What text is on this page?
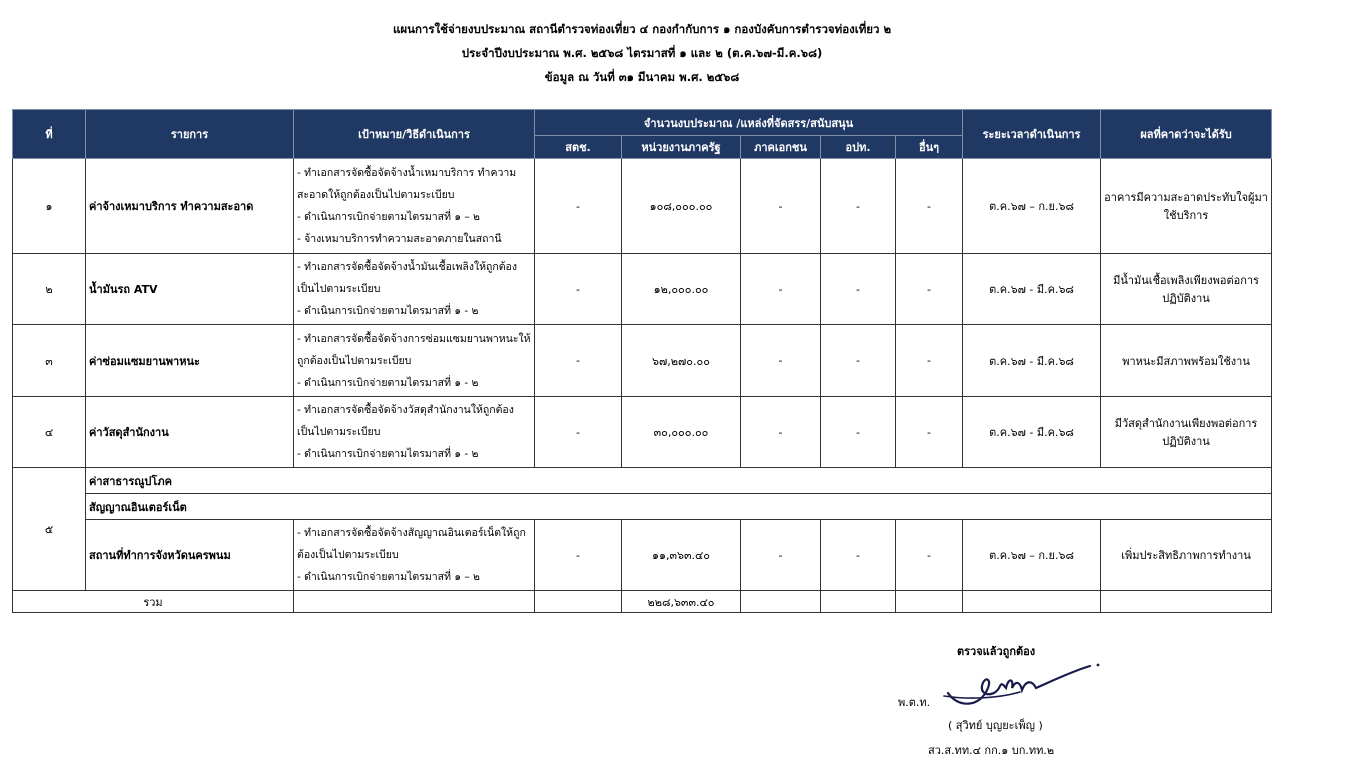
แผนการใช้จ่ายงบประมาณ สถานีตำรวจท่องเที่ยว ๔ กองกำกับการ ๑ กองบังคับการตำรวจท่องเที่ยว ๒
ประจำปีงบประมาณ พ.ศ. ๒๕๖๘ ไตรมาสที่ ๑ และ ๒ (ต.ค.๖๗-มี.ค.๖๘)
ข้อมูล ณ วันที่ ๓๑ มีนาคม พ.ศ. ๒๕๖๘
ที่	รายการ	เป้าหมาย/วิธีดำเนินการ	จำนวนงบประมาณ /แหล่งที่จัดสรร/สนับสนุน					ระยะเวลาดำเนินการ	ผลที่คาดว่าจะได้รับ
			สตช.	หน่วยงานภาครัฐ	ภาคเอกชน	อปท.	อื่นๆ		
๑	ค่าจ้างเหมาบริการ ทำความสะอาด	- ทำเอกสารจัดซื้อจัดจ้างน้ำเหมาบริการ ทำความสะอาดให้ถูกต้องเป็นไปตามระเบียบ
- ดำเนินการเบิกจ่ายตามไตรมาสที่ ๑ – ๒
- จ้างเหมาบริการทำความสะอาดภายในสถานี	-	๑๐๘,๐๐๐.๐๐	-	-	-	ต.ค.๖๗ – ก.ย.๖๘	อาคารมีความสะอาดประทับใจผู้มาใช้บริการ
๒	น้ำมันรถ ATV	- ทำเอกสารจัดซื้อจัดจ้างน้ำมันเชื้อเพลิงให้ถูกต้องเป็นไปตามระเบียบ
- ดำเนินการเบิกจ่ายตามไตรมาสที่ ๑ - ๒	-	๑๒,๐๐๐.๐๐	-	-	-	ต.ค.๖๗ - มี.ค.๖๘	มีน้ำมันเชื้อเพลิงเพียงพอต่อการปฏิบัติงาน
๓	ค่าซ่อมแซมยานพาหนะ	- ทำเอกสารจัดซื้อจัดจ้างการซ่อมแซมยานพาหนะให้ถูกต้องเป็นไปตามระเบียบ
- ดำเนินการเบิกจ่ายตามไตรมาสที่ ๑ - ๒	-	๖๗,๒๗๐.๐๐	-	-	-	ต.ค.๖๗ - มี.ค.๖๘	พาหนะมีสภาพพร้อมใช้งาน
๔	ค่าวัสดุสำนักงาน	- ทำเอกสารจัดซื้อจัดจ้างวัสดุสำนักงานให้ถูกต้องเป็นไปตามระเบียบ
- ดำเนินการเบิกจ่ายตามไตรมาสที่ ๑ - ๒	-	๓๐,๐๐๐.๐๐	-	-	-	ต.ค.๖๗ - มี.ค.๖๘	มีวัสดุสำนักงานเพียงพอต่อการปฏิบัติงาน
๕	ค่าสาธารณูปโภค								
	สัญญาณอินเตอร์เน็ต								
	สถานที่ทำการจังหวัดนครพนม	- ทำเอกสารจัดซื้อจัดจ้างสัญญาณอินเตอร์เน็ตให้ถูกต้องเป็นไปตามระเบียบ
- ดำเนินการเบิกจ่ายตามไตรมาสที่ ๑ – ๒	-	๑๑,๓๖๓.๔๐	-	-	-	ต.ค.๖๗ – ก.ย.๖๘	เพิ่มประสิทธิภาพการทำงาน
รวม				๒๒๘,๖๓๓.๔๐					
ตรวจแล้วถูกต้อง
พ.ต.ท.
( สุวิทย์ บุญยะเพ็ญ )
สว.ส.ทท.๔ กก.๑ บก.ทท.๒
